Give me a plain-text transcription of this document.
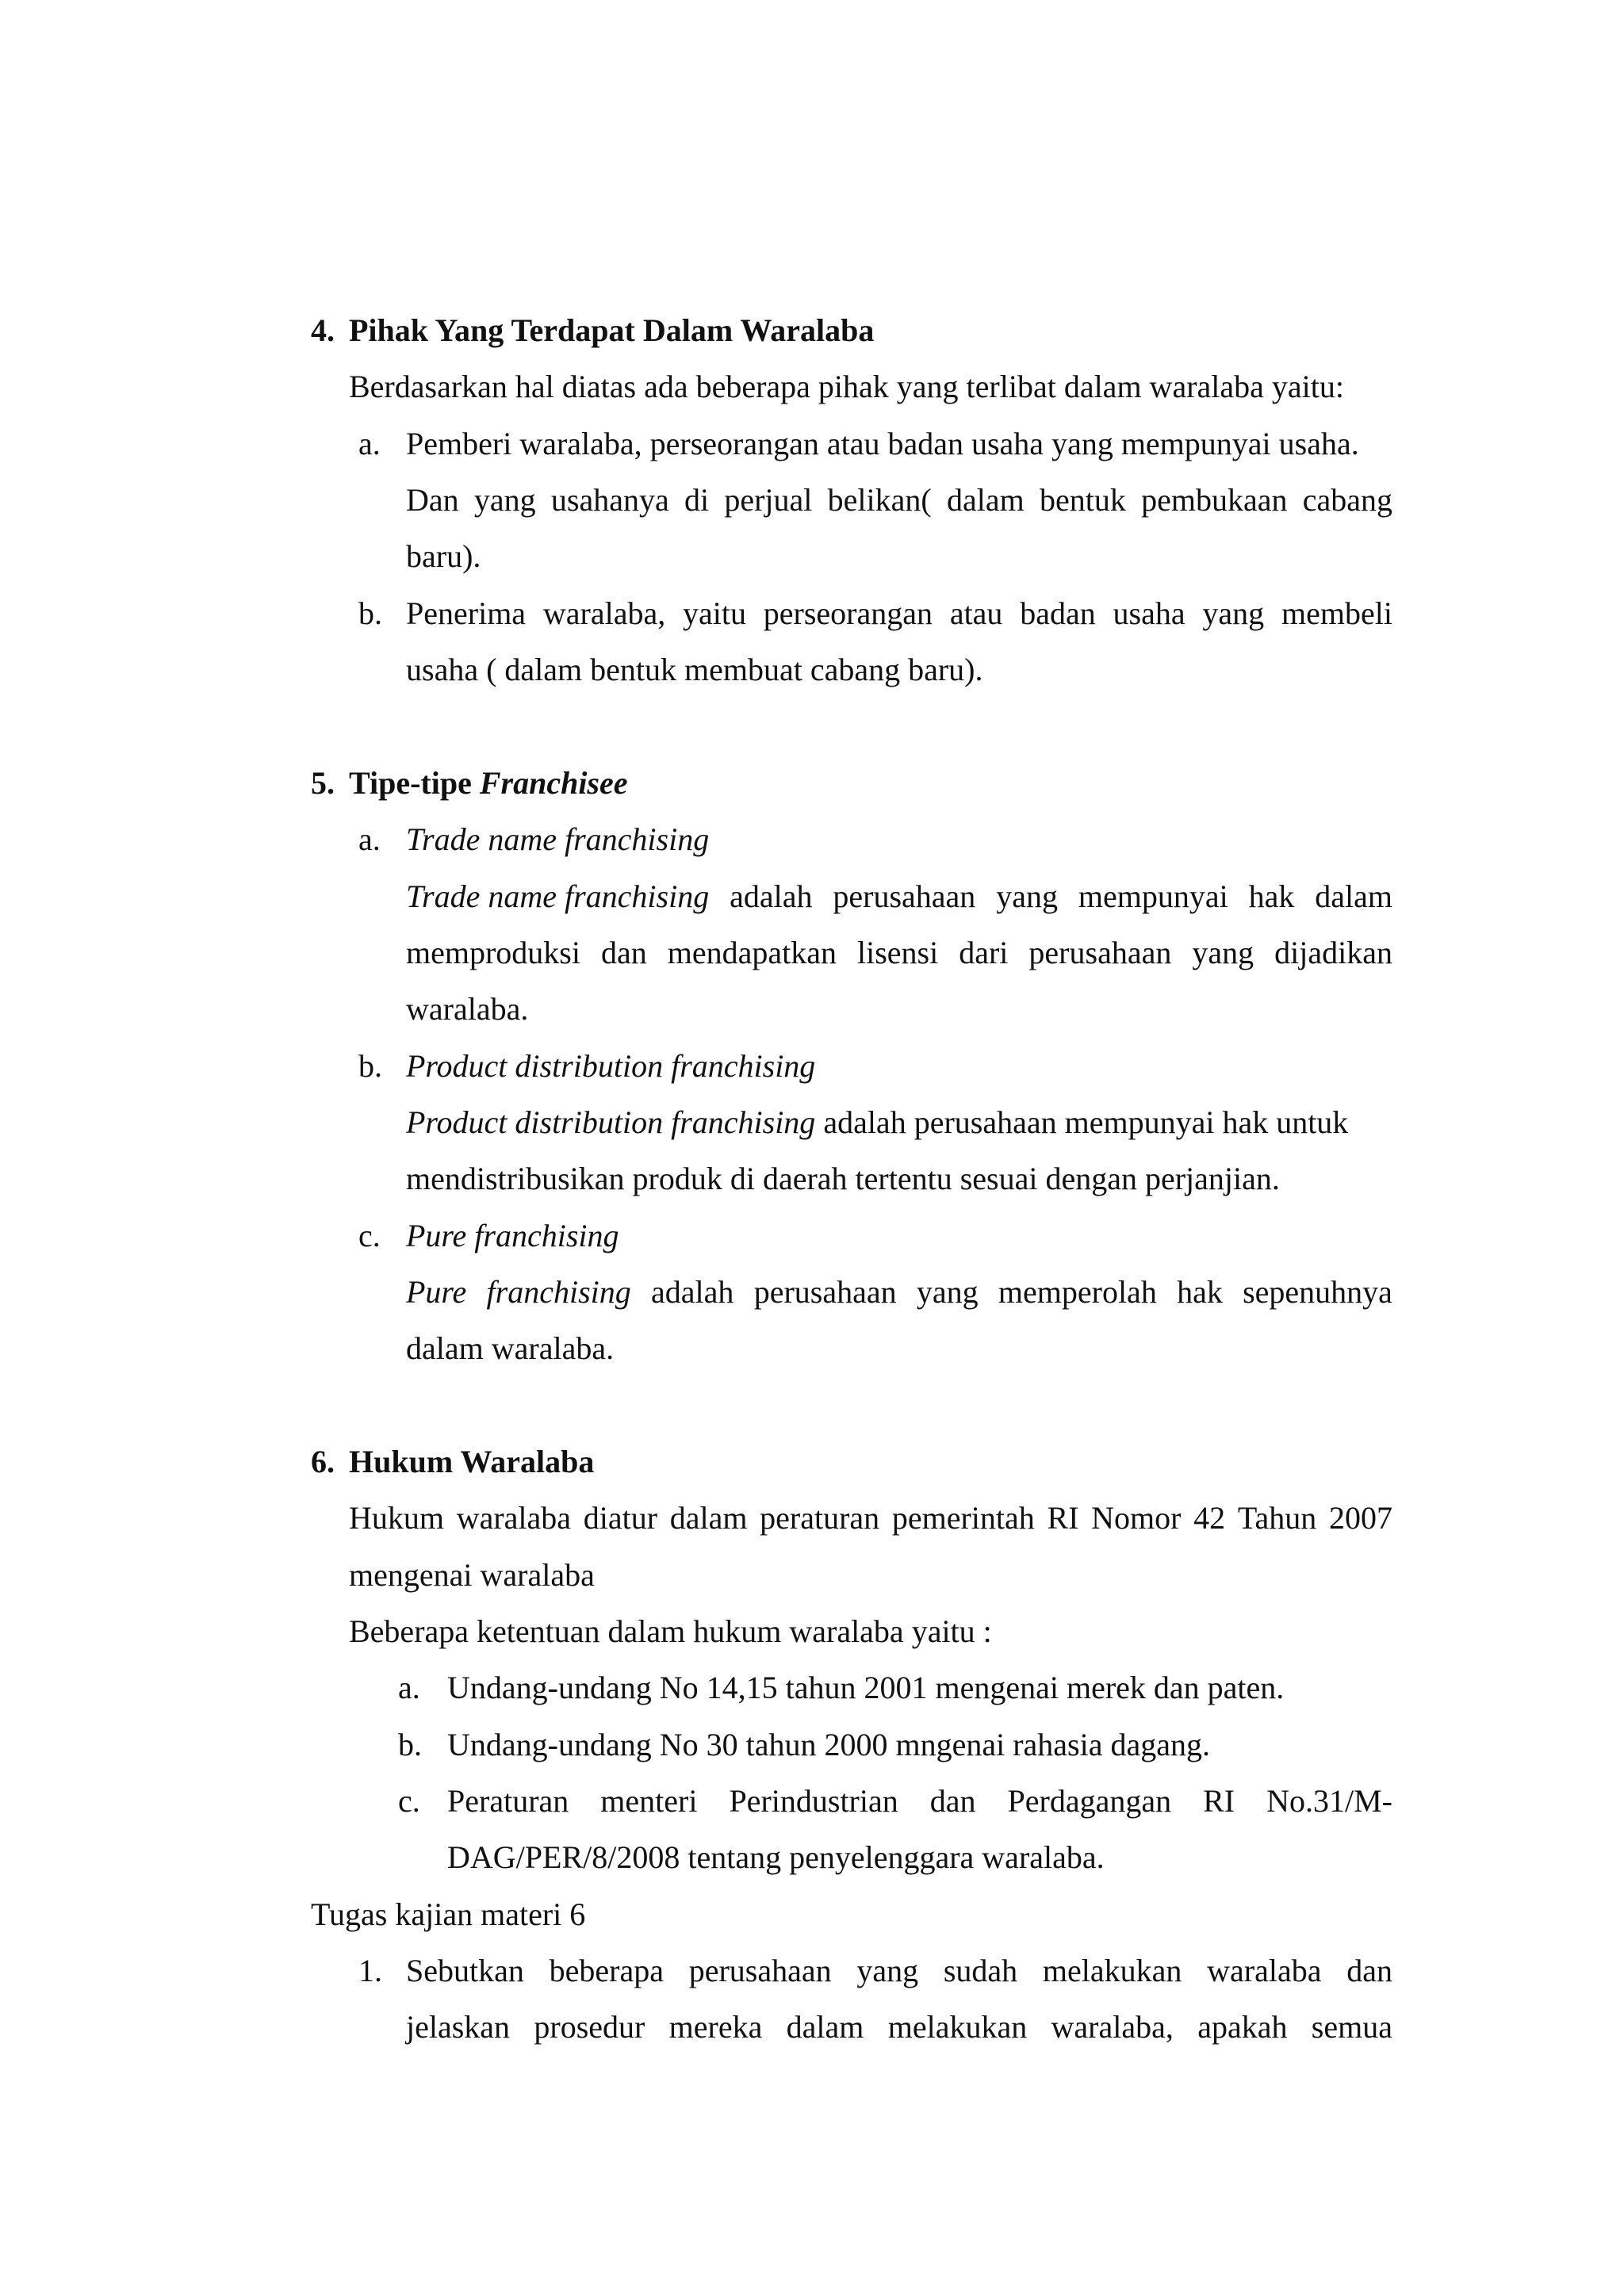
4. Pihak Yang Terdapat Dalam Waralaba
Berdasarkan hal diatas ada beberapa pihak yang terlibat dalam waralaba yaitu:
a. Pemberi waralaba, perseorangan atau badan usaha yang mempunyai usaha.
Dan yang usahanya di perjual belikan( dalam bentuk pembukaan cabang
baru).
b. Penerima waralaba, yaitu perseorangan atau badan usaha yang membeli
usaha ( dalam bentuk membuat cabang baru).
5. Tipe-tipe Franchisee
a. Trade name franchising
Trade name franchising adalah perusahaan yang mempunyai hak dalam
memproduksi dan mendapatkan lisensi dari perusahaan yang dijadikan
waralaba.
b. Product distribution franchising
Product distribution franchising adalah perusahaan mempunyai hak untuk
mendistribusikan produk di daerah tertentu sesuai dengan perjanjian.
c. Pure franchising
Pure franchising adalah perusahaan yang memperolah hak sepenuhnya
dalam waralaba.
6. Hukum Waralaba
Hukum waralaba diatur dalam peraturan pemerintah RI Nomor 42 Tahun 2007
mengenai waralaba
Beberapa ketentuan dalam hukum waralaba yaitu :
a. Undang-undang No 14,15 tahun 2001 mengenai merek dan paten.
b. Undang-undang No 30 tahun 2000 mngenai rahasia dagang.
c. Peraturan menteri Perindustrian dan Perdagangan RI No.31/M-
DAG/PER/8/2008 tentang penyelenggara waralaba.
Tugas kajian materi 6
1. Sebutkan beberapa perusahaan yang sudah melakukan waralaba dan
jelaskan prosedur mereka dalam melakukan waralaba, apakah semua
